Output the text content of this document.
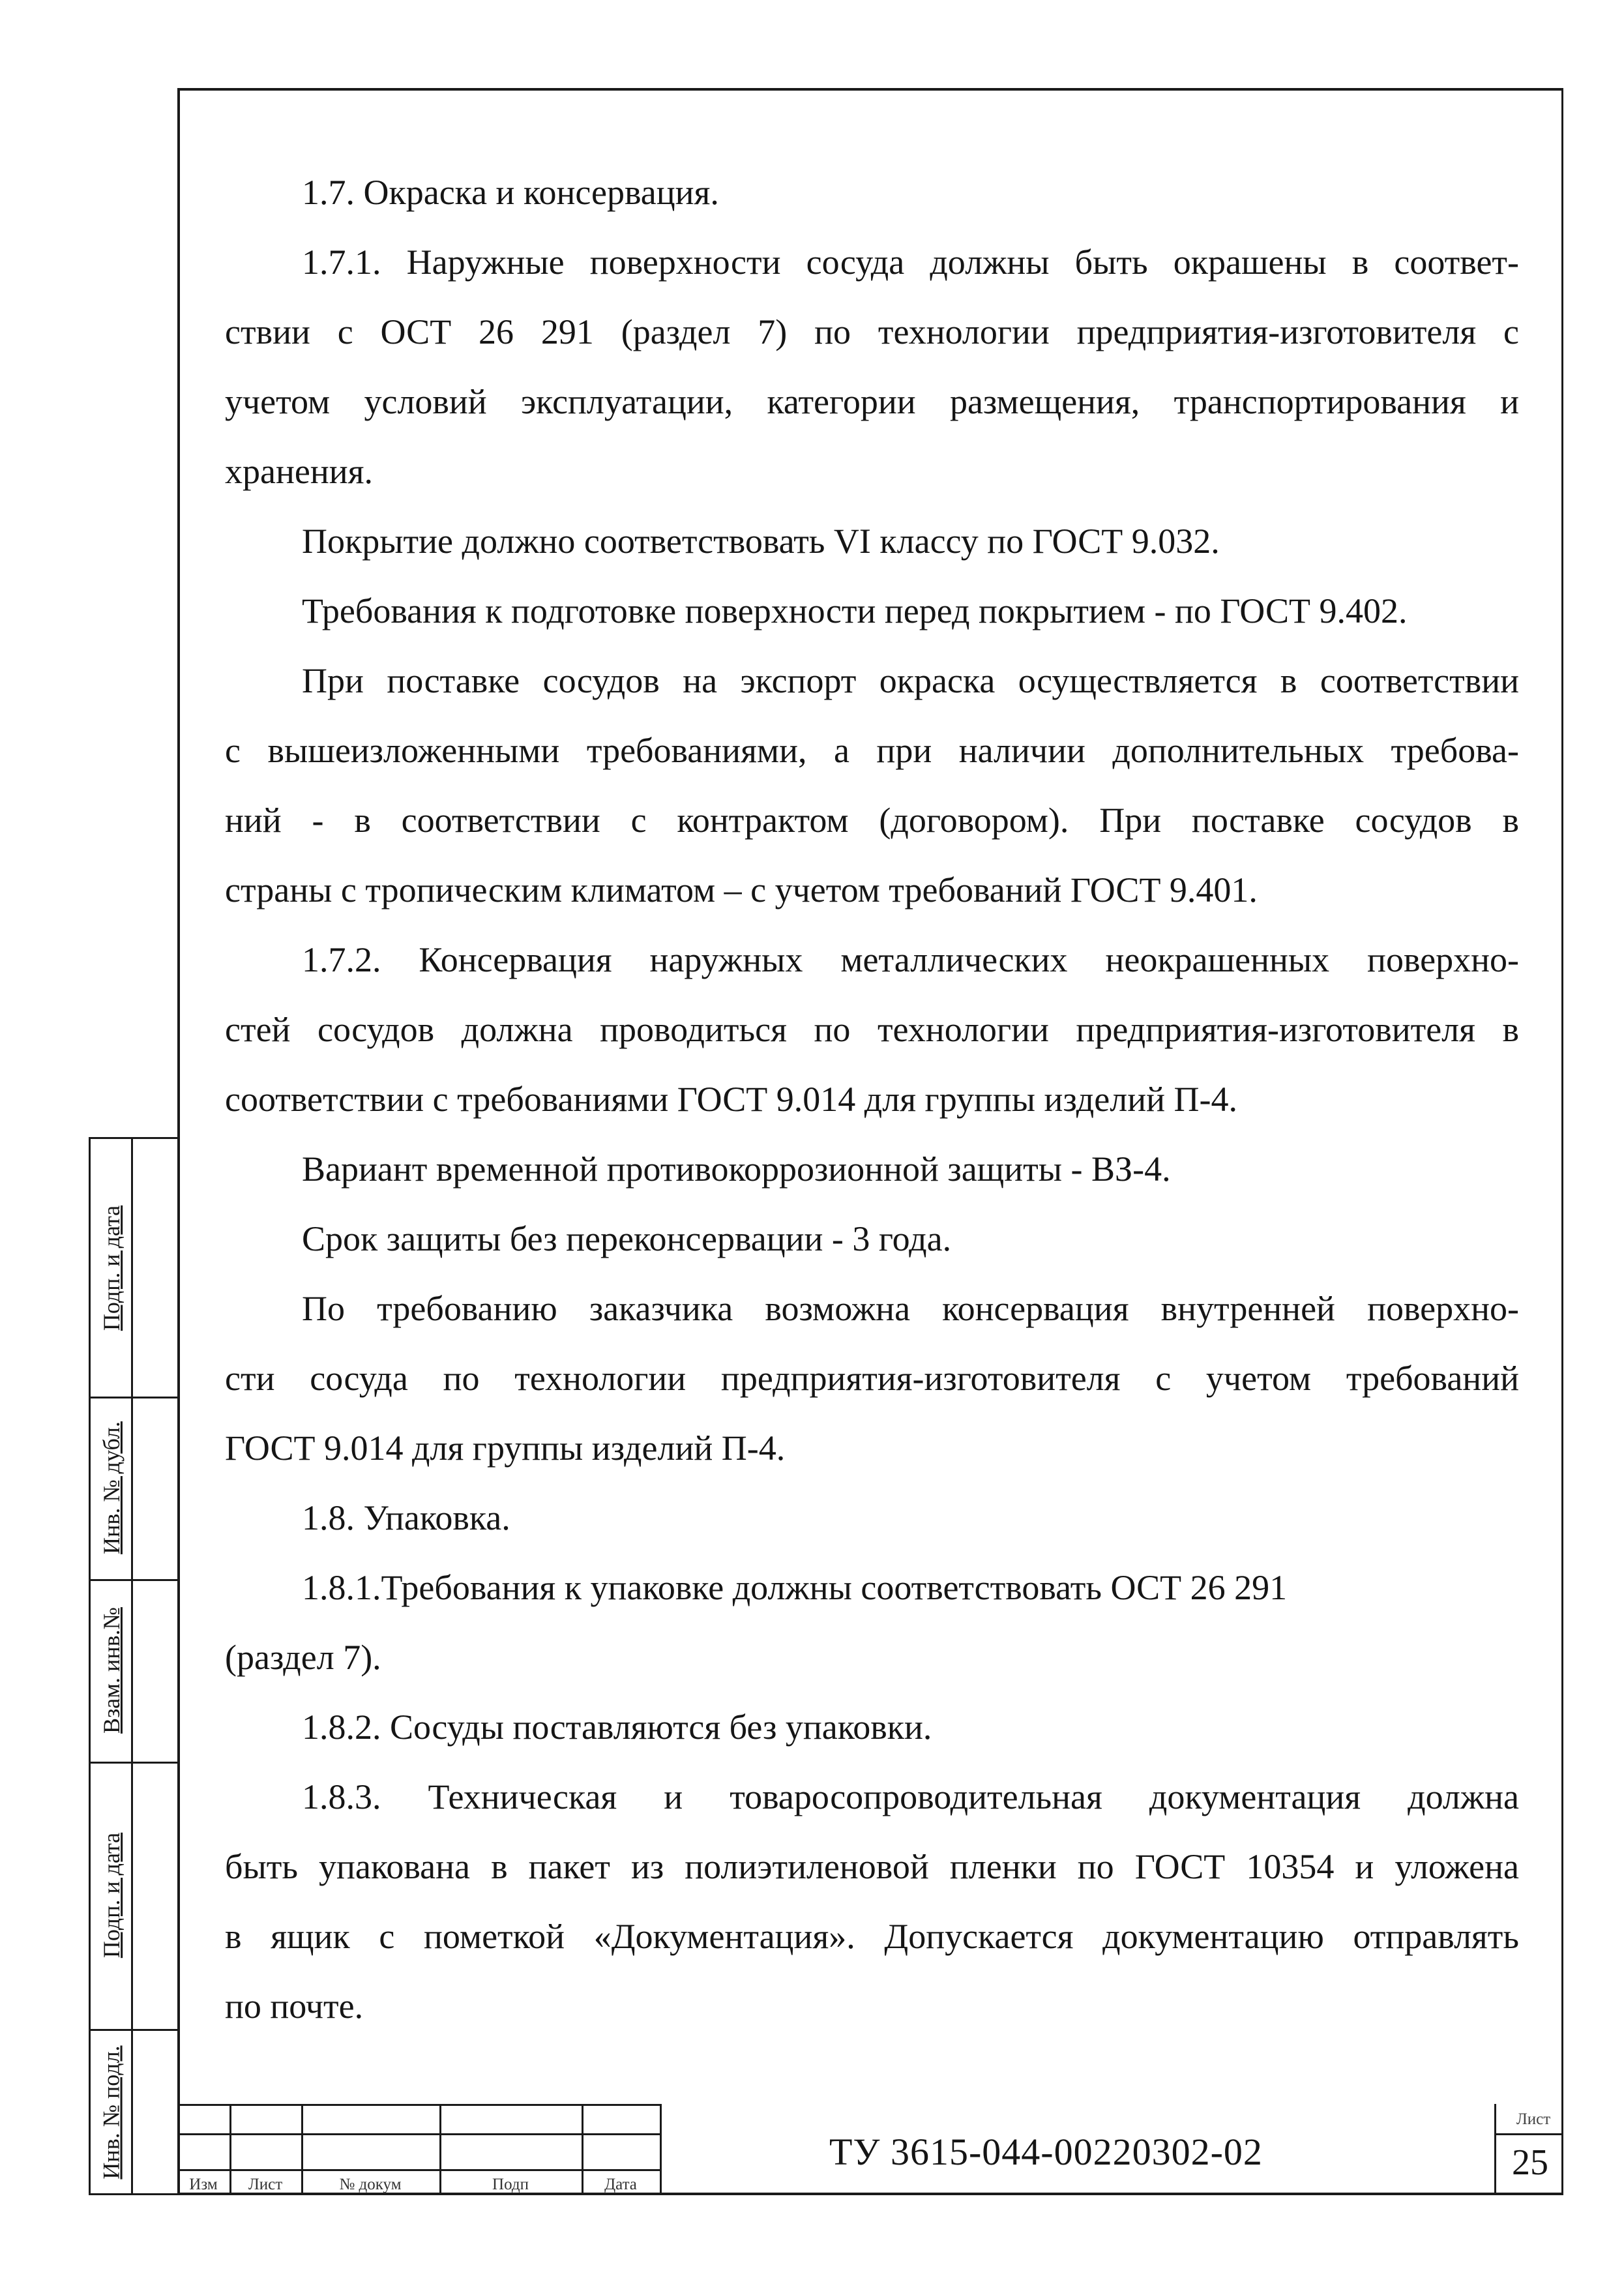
1.7. Окраска и консервация.
1.7.1. Наружные поверхности сосуда должны быть окрашены в соответ-
ствии с ОСТ 26 291 (раздел 7) по технологии предприятия-изготовителя с
учетом условий эксплуатации, категории размещения, транспортирования и
хранения.
Покрытие должно соответствовать VI классу по ГОСТ 9.032.
Требования к подготовке поверхности перед покрытием - по ГОСТ 9.402.
При поставке сосудов на экспорт окраска осуществляется в соответствии
с вышеизложенными требованиями, а при наличии дополнительных требова-
ний - в соответствии с контрактом (договором). При поставке сосудов в
страны с тропическим климатом – с учетом требований ГОСТ 9.401.
1.7.2. Консервация наружных металлических неокрашенных поверхно-
стей сосудов должна проводиться по технологии предприятия-изготовителя в
соответствии с требованиями ГОСТ 9.014 для группы изделий П-4.
Вариант временной противокоррозионной защиты - ВЗ-4.
Срок защиты без переконсервации - 3 года.
По требованию заказчика возможна консервация внутренней поверхно-
сти сосуда по технологии предприятия-изготовителя с учетом требований
ГОСТ 9.014 для группы изделий П-4.
1.8. Упаковка.
1.8.1.Требования к упаковке должны соответствовать ОСТ 26 291
(раздел 7).
1.8.2. Сосуды поставляются без упаковки.
1.8.3. Техническая и товаросопроводительная документация должна
быть упакована в пакет из полиэтиленовой пленки по ГОСТ 10354 и уложена
в ящик с пометкой «Документация». Допускается документацию отправлять
по почте.
Подп. и дата
Инв. № дубл.
Взам. инв.№
Подп. и дата
Инв. № подл.
Изм Лист	№ докум	Подп	Дата
ТУ 3615-044-00220302-02
Лист
25
